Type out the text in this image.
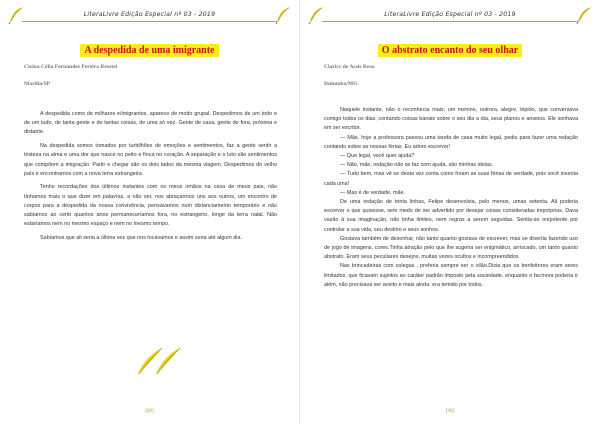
LiteraLivre Edição Especial nº 03 - 2019
A despedida de uma imigrante
Cizina Célia Fernandes Pereira Resstel
Marília/SP

A despedida como de milhares e/imigrantes, aparece de modo grupal. Despedimos de um todo e de um tudo, de tanta gente e de tantas coisas, de uma só vez. Gente de casa, gente de fora, próxima e distante.

Na despedida somos tomados por turbilhões de emoções e sentimentos, faz a gente sentir a tristeza na alma e uma dor que nasce no peito e finca no coração. A separação e o luto são sentimentos que compõem a imigração. Partir e chegar são os dois lados da mesma viagem. Despedimos do velho país e encontramos com a nova terra estrangeira.

Tenho recordações dos últimos instantes com os meus irmãos na casa de meus pais, não tínhamos mais o que dizer em palavras, a não ser, nos abraçarmos uns aos outros, um encontro de corpos para a despedida da nossa convivência, pensávamos num distanciamento temporário e não sabíamos ao certo quantos anos permaneceríamos fora, no estrangeiro, longe da terra natal. Não estaríamos nem no mesmo espaço e nem no mesmo tempo.

Sabíamos que ali seria a última vez que nos tocávamos e assim seria até algum dia.

[89]
LiteraLivre Edição Especial nº 03 - 2019
O abstrato encanto do seu olhar
Claricr de Assis Rosa
Ituiutaba/MG

Naquele instante, não o reconhecia mais; um menino, outrora, alegre, lépido, que conversava comigo todos os dias, contando coisas banais sobre o seu dia a dia, seus planos e anseios. Ele sonhava em ser escritor.

— Mãe, hoje a professora passou uma tarefa de casa muito legal, pediu para fazer uma redação contando sobre as nossas férias. Eu adoro escrever!

— Que legal, você quer ajuda?

— Não, mãe, redação não se faz com ajuda, são minhas ideias.

— Tudo bem, mas vê se desta vez conta como foram as suas férias de verdade, pois você inventa cada uma!

— Mas é de verdade, mãe.

De uma redação de trinta linhas, Felipe desenvolvia, pelo menos, umas setenta. Ali poderia escrever o que quisesse, sem medo de ser advertido por desejar coisas consideradas impróprias. Dava vazão à sua imaginação, não tinha limites, nem regras a serem seguidas. Sentia-se onipotente por controlar a sua vida, seu destino e seus sonhos.

Gostava também de desenhar, não tanto quanto gostava de escrever, mas se divertia fazendo uso de jogo de imagens, cores.Tinha atração pelo que lhe sugeria ser enigmático, arriscado, um tanto quanto abstrato. Eram seus peculiares desejos, muitas vezes ocultos e incompreendidos.

Nas brincadeiras com colegas , preferia sempre ser o vilão.Dizia que os benfeitores eram seres limitados, que ficavam sujeitos ao caráter padrão imposto pela sociedade, enquanto o facínora poderia ir além, não precisava ser aceito e mais ainda: era temido por todos.

[90]
